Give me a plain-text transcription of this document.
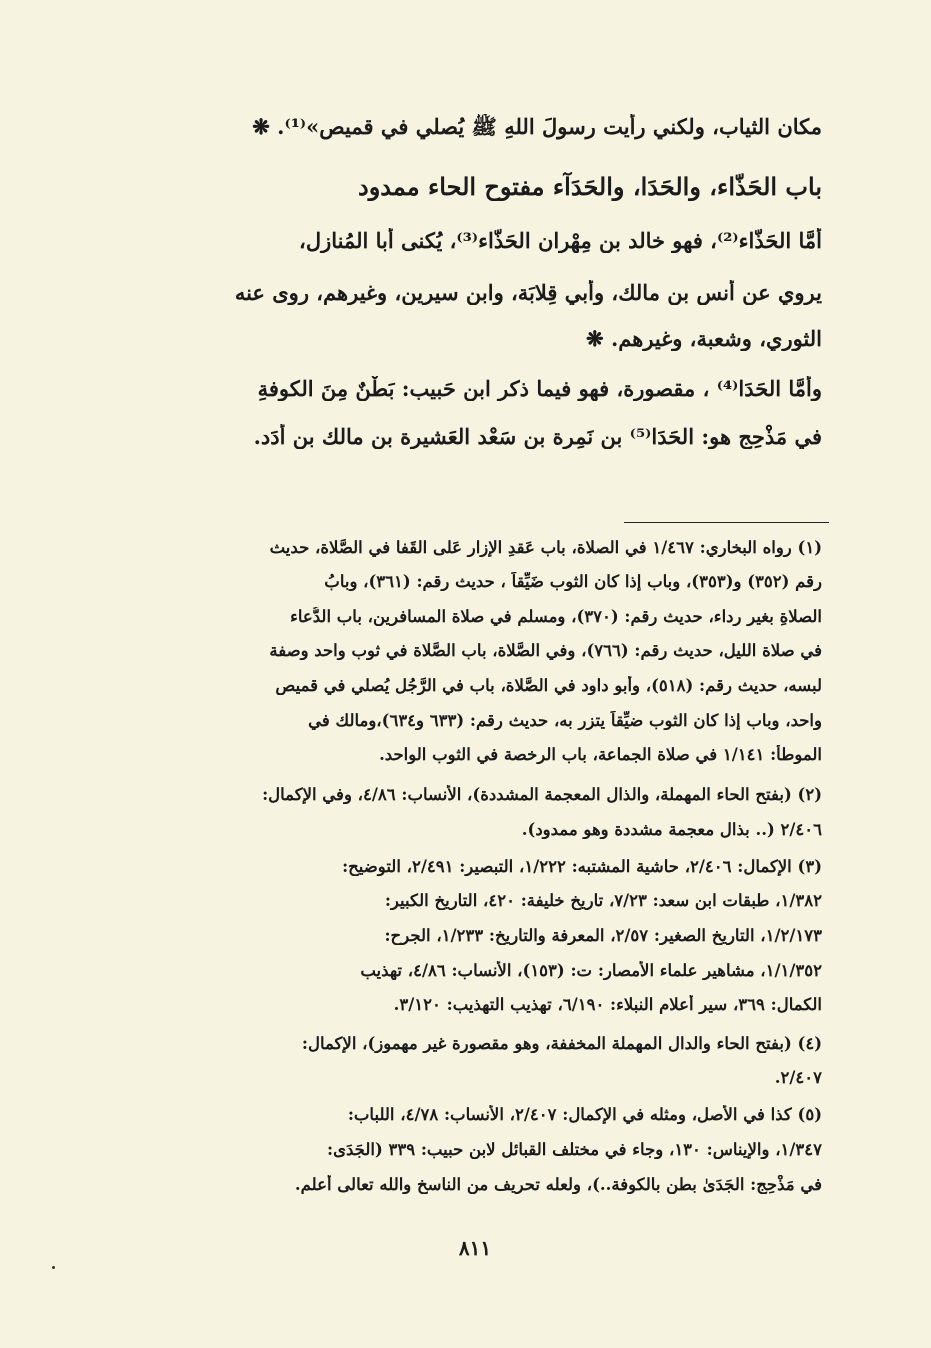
مكان الثياب، ولكني رأيت رسولَ اللهِ ﷺ يُصلي في قميص»⁽¹⁾. ❋
باب الحَذّاء، والحَدَا، والحَدَآء مفتوح الحاء ممدود
أمَّا الحَذّاء⁽²⁾، فهو خالد بن مِهْران الحَذّاء⁽³⁾، يُكنى أبا المُنازِل،
يروي عن أنس بن مالك، وأبي قِلابَة، وابن سيرين، وغيرهم، روى عنه
الثوري، وشعبة، وغيرهم. ❋
وأمَّا الحَدَا⁽⁴⁾ ، مقصورة، فهو فيما ذكر ابن حَبيب: بَطْنٌ مِنَ الكوفةِ
في مَذْحِج هو: الحَدَا⁽⁵⁾ بن نَمِرة بن سَعْد العَشيرة بن مالك بن أُدَد.
(١) رواه البخاري: ١/٤٦٧ في الصلاة، باب عَقدِ الإزار عَلى القَفا في الصَّلاة، حديث
رقم (٣٥٢) و(٣٥٣)، وباب إذا كان الثوب ضَيِّقاً ، حديث رقم: (٣٦١)، وبابُ
الصلاةِ بغير رداء، حديث رقم: (٣٧٠)، ومسلم في صلاة المسافرين، باب الدُّعاء
في صلاة الليل، حديث رقم: (٧٦٦)، وفي الصَّلاة، باب الصَّلاة في ثوب واحد وصفة
لبسه، حديث رقم: (٥١٨)، وأبو داود في الصَّلاة، باب في الرَّجُل يُصلي في قميص
واحد، وباب إذا كان الثوب ضيِّقاً يتزر به، حديث رقم: (٦٣٣ و٦٣٤)،ومالك في
الموطأ: ١/١٤١ في صلاة الجماعة، باب الرخصة في الثوب الواحد.
(٢) (بفتح الحاء المهملة، والذال المعجمة المشددة)، الأنساب: ٤/٨٦، وفي الإكمال:
٢/٤٠٦ (.. بذال معجمة مشددة وهو ممدود).
(٣) الإكمال: ٢/٤٠٦، حاشية المشتبه: ١/٢٢٢، التبصير: ٢/٤٩١، التوضيح:
١/٣٨٢، طبقات ابن سعد: ٧/٢٣، تاريخ خليفة: ٤٢٠، التاريخ الكبير:
١/٢/١٧٣، التاريخ الصغير: ٢/٥٧، المعرفة والتاريخ: ١/٢٣٣، الجرح:
١/١/٣٥٢، مشاهير علماء الأمصار: ت: (١٥٣)، الأنساب: ٤/٨٦، تهذيب
الكمال: ٣٦٩، سير أعلام النبلاء: ٦/١٩٠، تهذيب التهذيب: ٣/١٢٠.
(٤) (بفتح الحاء والدال المهملة المخففة، وهو مقصورة غير مهموز)، الإكمال:
٢/٤٠٧.
(٥) كذا في الأصل، ومثله في الإكمال: ٢/٤٠٧، الأنساب: ٤/٧٨، اللباب:
١/٣٤٧، والإيناس: ١٣٠، وجاء في مختلف القبائل لابن حبيب: ٣٣٩ (الجَدَى:
في مَذْحِج: الجَدَىٰ بطن بالكوفة..)، ولعله تحريف من الناسخ والله تعالى أعلم.
٨١١
